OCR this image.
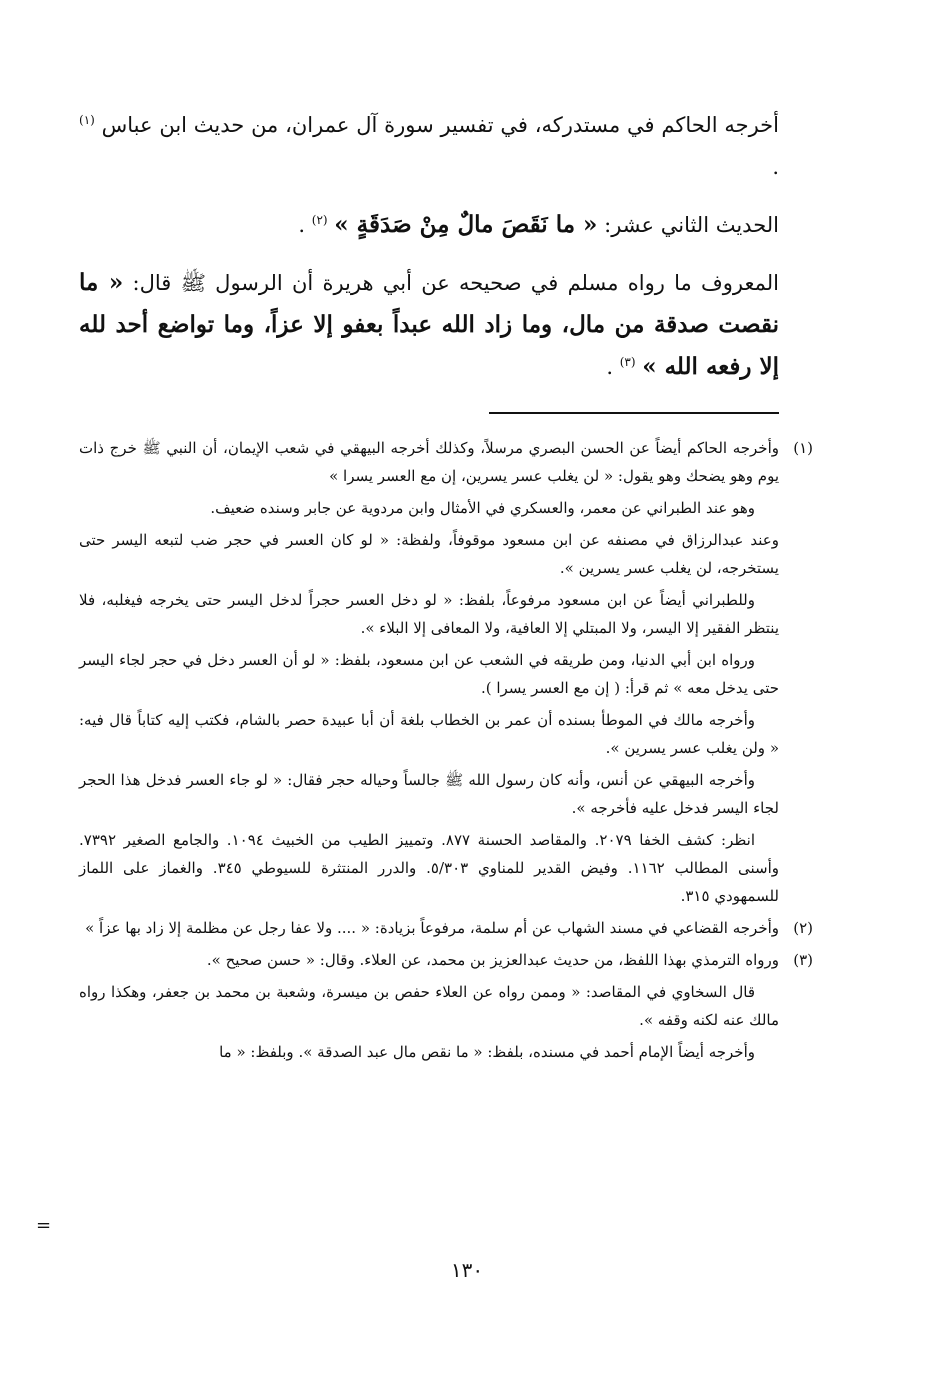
أخرجه الحاكم في مستدركه، في تفسير سورة آل عمران، من حديث ابن عباس $^{(١)}$ .

الحديث الثاني عشر: « ما نَقَصَ مالٌ مِنْ صَدَقَةٍ » $^{(٢)}$ .

المعروف ما رواه مسلم في صحيحه عن أبي هريرة أن الرسول ﷺ قال: « ما نقصت صدقة من مال، وما زاد الله عبداً بعفو إلا عزاً، وما تواضع أحد لله إلا رفعه الله » $^{(٣)}$ .

(١)
وأخرجه الحاكم أيضاً عن الحسن البصري مرسلاً، وكذلك أخرجه البيهقي في شعب الإيمان، أن النبي ﷺ خرج ذات يوم وهو يضحك وهو يقول: « لن يغلب عسر يسرين، إن مع العسر يسرا »

وهو عند الطبراني عن معمر، والعسكري في الأمثال وابن مردوية عن جابر وسنده ضعيف.

وعند عبدالرزاق في مصنفه عن ابن مسعود موقوفاً، ولفظة: « لو كان العسر في حجر ضب لتبعه اليسر حتى يستخرجه، لن يغلب عسر يسرين ».

وللطبراني أيضاً عن ابن مسعود مرفوعاً، بلفظ: « لو دخل العسر حجراً لدخل اليسر حتى يخرجه فيغلبه، فلا ينتظر الفقير إلا اليسر، ولا المبتلي إلا العافية، ولا المعافى إلا البلاء ».

ورواه ابن أبي الدنيا، ومن طريقه في الشعب عن ابن مسعود، بلفظ: « لو أن العسر دخل في حجر لجاء اليسر حتى يدخل معه » ثم قرأ: ( إن مع العسر يسرا ).

وأخرجه مالك في الموطأ بسنده أن عمر بن الخطاب بلغة أن أبا عبيدة حصر بالشام، فكتب إليه كتاباً قال فيه: « ولن يغلب عسر يسرين ».

وأخرجه البيهقي عن أنس، وأنه كان رسول الله ﷺ جالساً وحياله حجر فقال: « لو جاء العسر فدخل هذا الحجر لجاء اليسر فدخل عليه فأخرجه ».

انظر: كشف الخفا ٢٠٧٩. والمقاصد الحسنة ٨٧٧. وتمييز الطيب من الخبيث ١٠٩٤. والجامع الصغير ٧٣٩٢. وأسنى المطالب ١١٦٢. وفيض القدير للمناوي ٥/٣٠٣. والدرر المنتثرة للسيوطي ٣٤٥. والغماز على اللماز للسمهودي ٣١٥.

(٢)
وأخرجه القضاعي في مسند الشهاب عن أم سلمة، مرفوعاً بزيادة: « .... ولا عفا رجل عن مظلمة إلا زاد بها عزاً »

(٣)
ورواه الترمذي بهذا اللفظ، من حديث عبدالعزيز بن محمد، عن العلاء. وقال: « حسن صحيح ».

قال السخاوي في المقاصد: « وممن رواه عن العلاء حفص بن ميسرة، وشعبة بن محمد بن جعفر، وهكذا رواه مالك عنه لكنه وقفه ».

وأخرجه أيضاً الإمام أحمد في مسنده، بلفظ: « ما نقص مال عبد الصدقة ». وبلفظ: « ما

=
١٣٠
